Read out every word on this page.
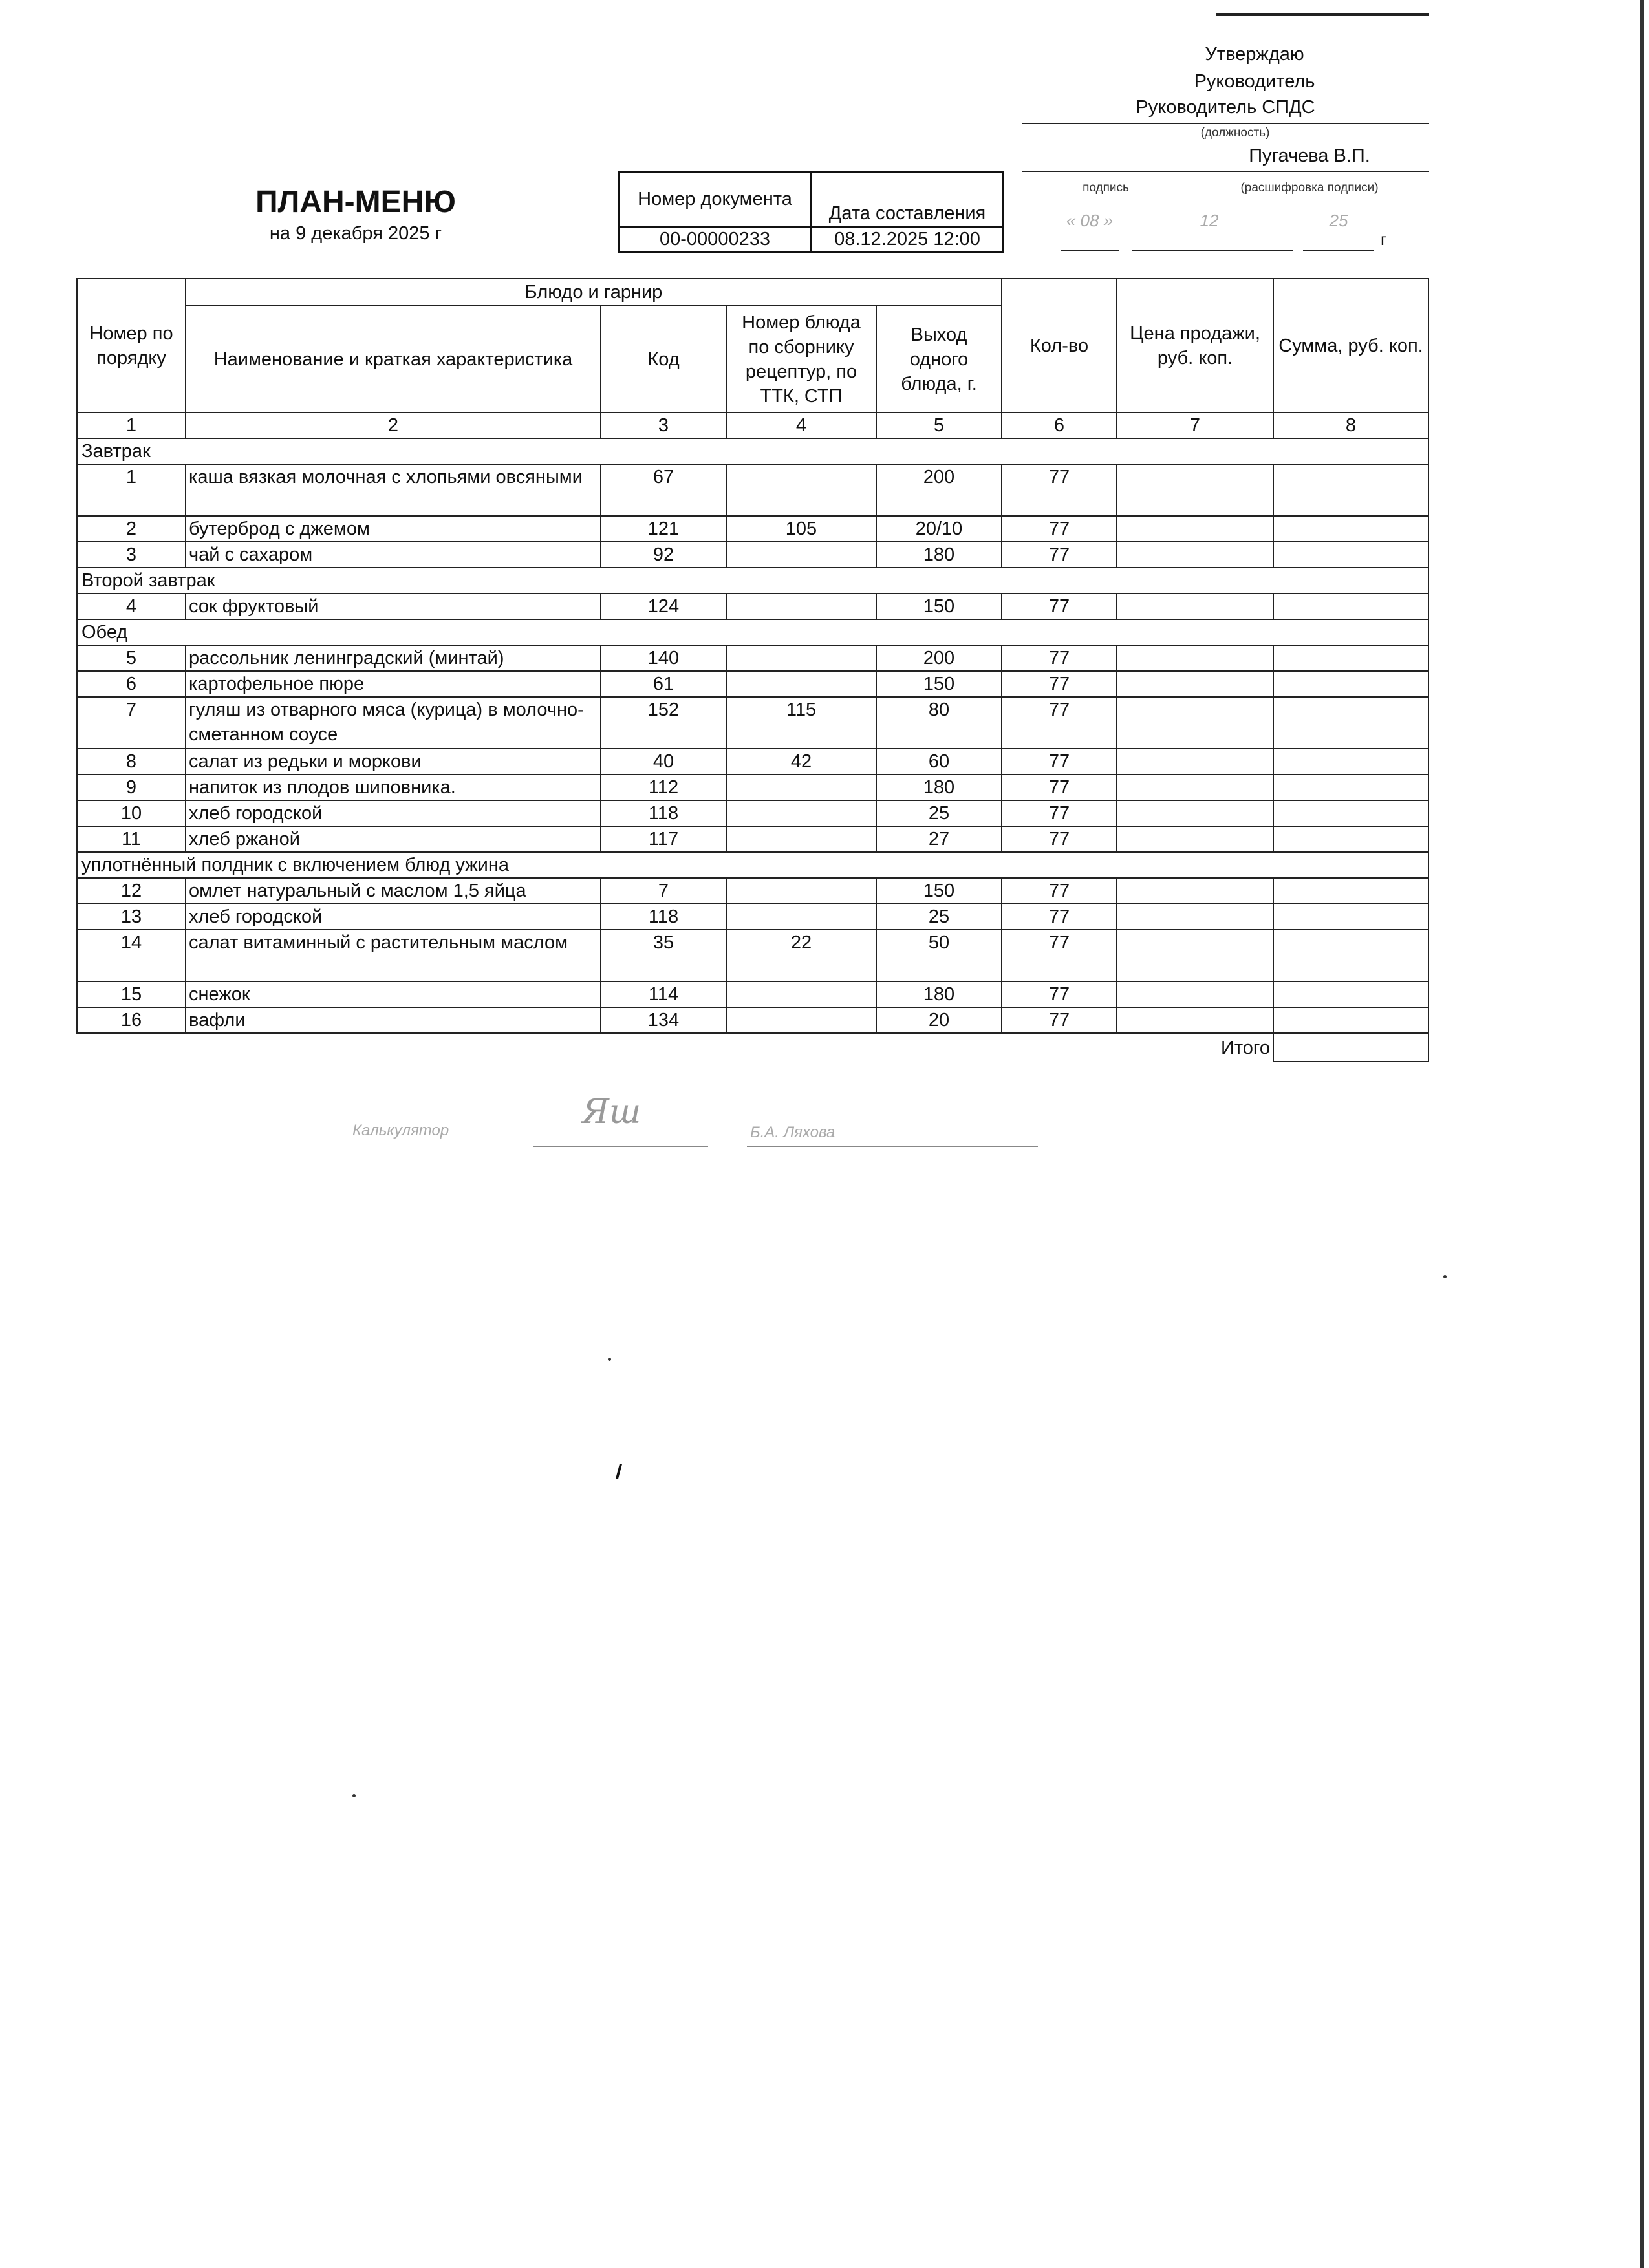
Утверждаю
Руководитель
Руководитель СПДС
(должность)
Пугачева В.П.
подпись	(расшифровка подписи)
« 08 »	12	25
г
ПЛАН-МЕНЮ
на 9 декабря 2025 г
Номер документа	Дата составления
00-00000233	08.12.2025 12:00
Номер по порядку	Блюдо и гарнир				Кол-во	Цена продажи, руб. коп.	Сумма, руб. коп.
	Наименование и краткая характеристика	Код	Номер блюда по сборнику рецептур, по ТТК, СТП	Выход одного блюда, г.			
1	2	3	4	5	6	7	8
Завтрак							
1	каша вязкая молочная с хлопьями овсяными	67		200	77		
2	бутерброд с джемом	121	105	20/10	77		
3	чай с сахаром	92		180	77		
Второй завтрак							
4	сок фруктовый	124		150	77		
Обед							
5	рассольник ленинградский (минтай)	140		200	77		
6	картофельное пюре	61		150	77		
7	гуляш из отварного мяса (курица) в молочно-сметанном соусе	152	115	80	77		
8	салат из редьки и моркови	40	42	60	77		
9	напиток из плодов шиповника.	112		180	77		
10	хлеб городской	118		25	77		
11	хлеб ржаной	117		27	77		
уплотнённый полдник с включением блюд ужина							
12	омлет натуральный с маслом 1,5 яйца	7		150	77		
13	хлеб городской	118		25	77		
14	салат витаминный с растительным маслом	35	22	50	77		
15	снежок	114		180	77		
16	вафли	134		20	77		
						Итого	
Калькулятор	Яш
Б.А. Ляхова
